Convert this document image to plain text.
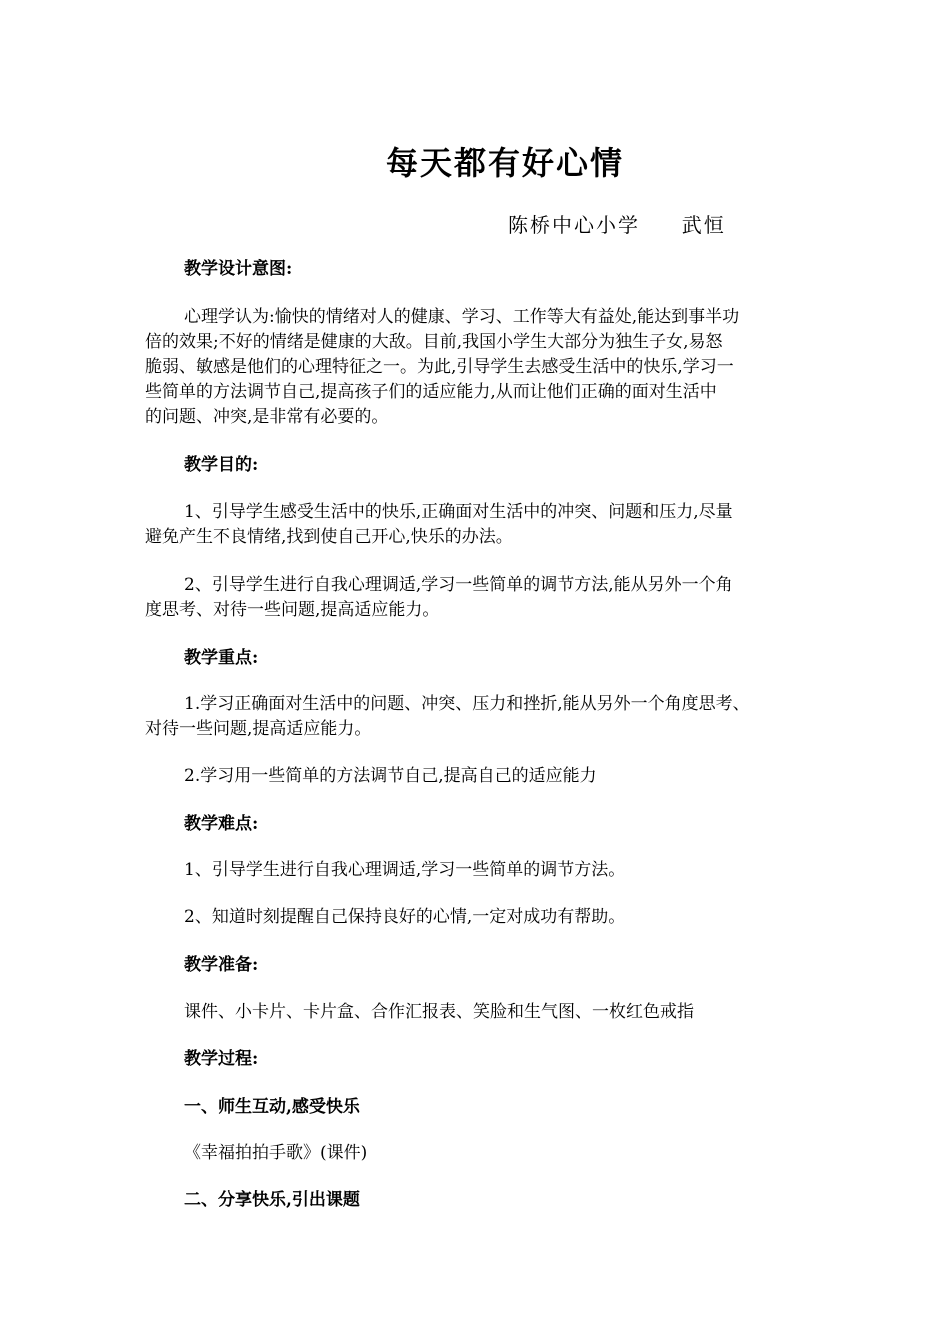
每天都有好心情
陈桥中心小学     武恒
教学设计意图:
心理学认为:愉快的情绪对人的健康、学习、工作等大有益处,能达到事半功
倍的效果;不好的情绪是健康的大敌。目前,我国小学生大部分为独生子女,易怒
脆弱、敏感是他们的心理特征之一。为此,引导学生去感受生活中的快乐,学习一
些简单的方法调节自己,提高孩子们的适应能力,从而让他们正确的面对生活中
的问题、冲突,是非常有必要的。
教学目的:
1、引导学生感受生活中的快乐,正确面对生活中的冲突、问题和压力,尽量
避免产生不良情绪,找到使自己开心,快乐的办法。
2、引导学生进行自我心理调适,学习一些简单的调节方法,能从另外一个角
度思考、对待一些问题,提高适应能力。
教学重点:
1.学习正确面对生活中的问题、冲突、压力和挫折,能从另外一个角度思考、
对待一些问题,提高适应能力。
2.学习用一些简单的方法调节自己,提高自己的适应能力
教学难点:
1、引导学生进行自我心理调适,学习一些简单的调节方法。
2、知道时刻提醒自己保持良好的心情,一定对成功有帮助。
教学准备:
课件、小卡片、卡片盒、合作汇报表、笑脸和生气图、一枚红色戒指
教学过程:
一、师生互动,感受快乐
《幸福拍拍手歌》(课件)
二、分享快乐,引出课题
